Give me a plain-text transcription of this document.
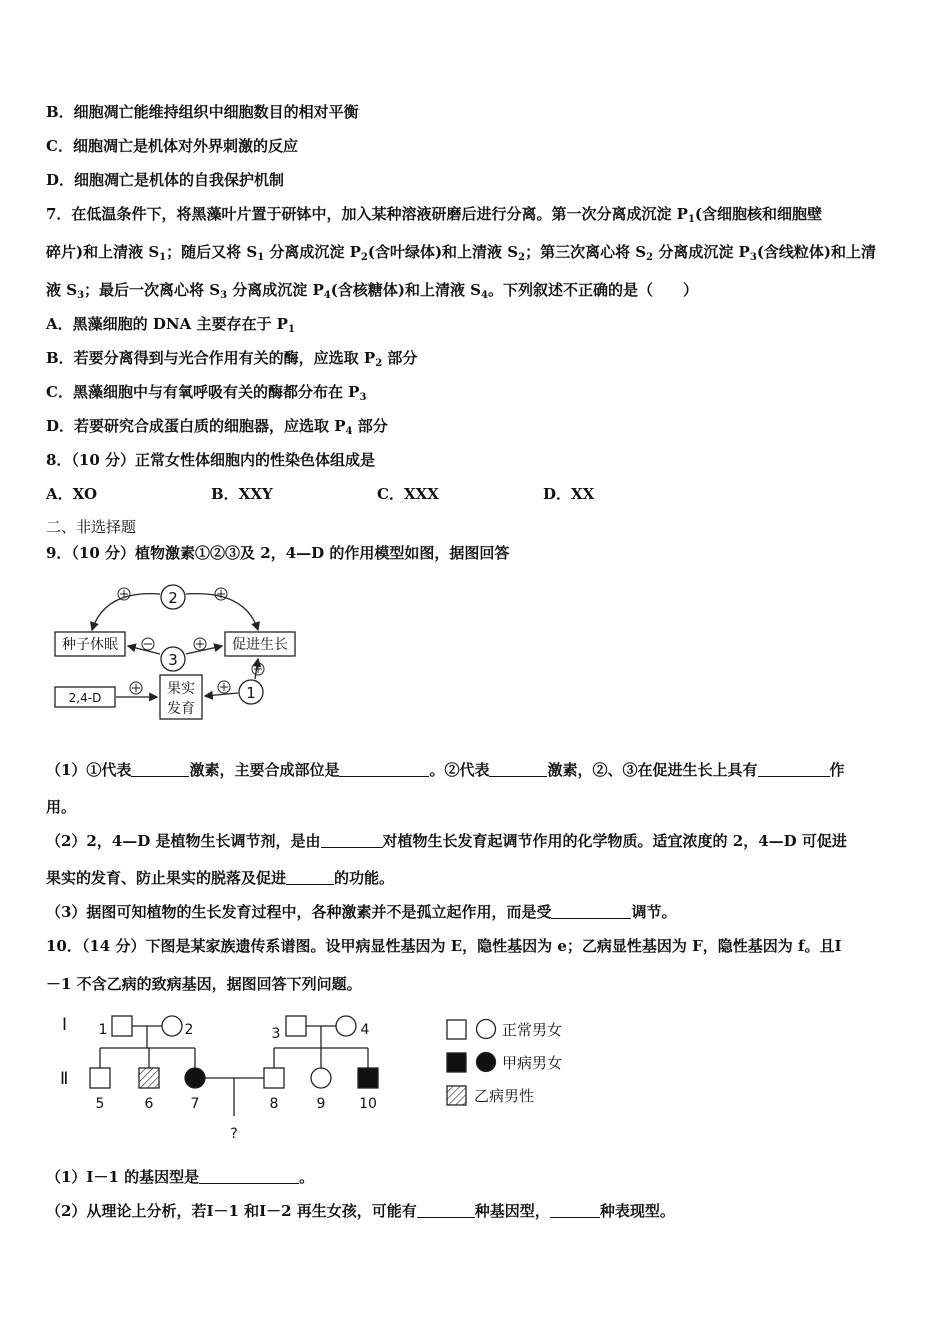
B．细胞凋亡能维持组织中细胞数目的相对平衡
C．细胞凋亡是机体对外界刺激的反应
D．细胞凋亡是机体的自我保护机制
7．在低温条件下，将黑藻叶片置于研钵中，加入某种溶液研磨后进行分离。第一次分离成沉淀 $P_1$(含细胞核和细胞壁
碎片)和上清液 $S_1$；随后又将 $S_1$ 分离成沉淀 $P_2$(含叶绿体)和上清液 $S_2$；第三次离心将 $S_2$ 分离成沉淀 $P_3$(含线粒体)和上清
液 $S_3$；最后一次离心将 $S_3$ 分离成沉淀 $P_4$(含核糖体)和上清液 $S_4$。下列叙述不正确的是（　　）
A．黑藻细胞的 DNA 主要存在于 $P_1$
B．若要分离得到与光合作用有关的酶，应选取 $P_2$ 部分
C．黑藻细胞中与有氧呼吸有关的酶都分布在 $P_3$
D．若要研究合成蛋白质的细胞器，应选取 $P_4$ 部分
8．（10 分）正常女性体细胞内的性染色体组成是
A．XO	B．XXY	C．XXX	D．XX
二、非选择题
9．（10 分）植物激素①②③及 2，4—D 的作用模型如图，据图回答
种子休眠	促进生长
果实
发育
2,4-D
2
3
1
（1）①代表	激素，主要合成部位是	。②代表	激素，②、③在促进生长上具有	作
用。
（2）2，4—D 是植物生长调节剂，是由	对植物生长发育起调节作用的化学物质。适宜浓度的 2，4—D 可促进
果实的发育、防止果实的脱落及促进	的功能。
（3）据图可知植物的生长发育过程中，各种激素并不是孤立起作用，而是受	调节。
10．（14 分）下图是某家族遗传系谱图。设甲病显性基因为 E，隐性基因为 e；乙病显性基因为 F，隐性基因为 f。且Ⅰ
－1 不含乙病的致病基因，据图回答下列问题。
Ⅰ
Ⅱ
1	2	3	4
5	6	7	8	9 10
?
正常男女
甲病男女
乙病男性
（1）Ⅰ－1 的基因型是	。
（2）从理论上分析，若Ⅰ－1 和Ⅰ－2 再生女孩，可能有	种基因型，	种表现型。
